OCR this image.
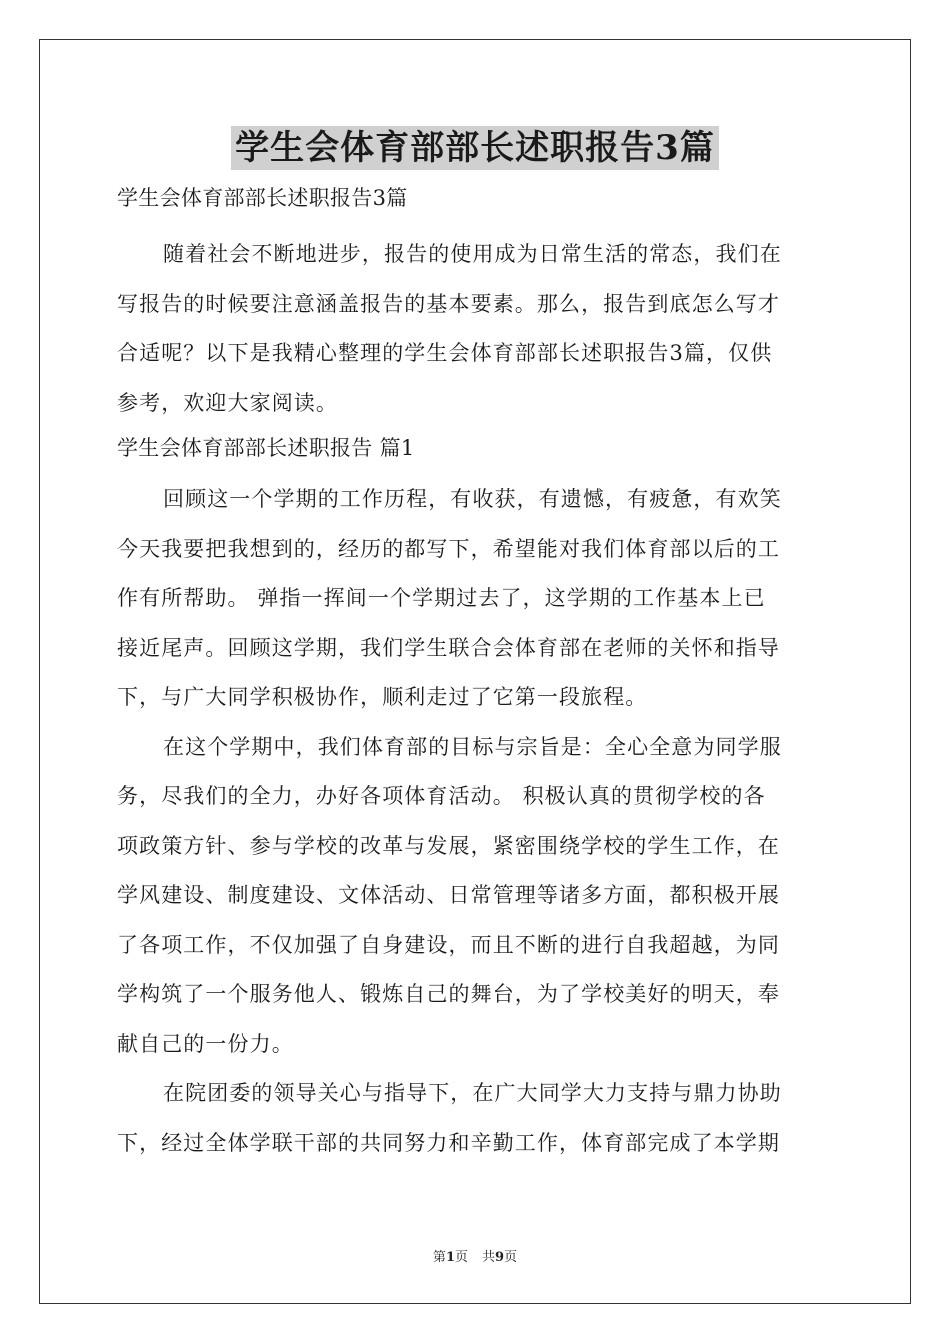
学生会体育部部长述职报告3篇

学生会体育部部长述职报告3篇

随着社会不断地进步，报告的使用成为日常生活的常态，我们在
写报告的时候要注意涵盖报告的基本要素。那么，报告到底怎么写才
合适呢？以下是我精心整理的学生会体育部部长述职报告3篇，仅供
参考，欢迎大家阅读。

学生会体育部部长述职报告 篇1

回顾这一个学期的工作历程，有收获，有遗憾，有疲惫，有欢笑
今天我要把我想到的，经历的都写下，希望能对我们体育部以后的工
作有所帮助。 弹指一挥间一个学期过去了，这学期的工作基本上已
接近尾声。回顾这学期，我们学生联合会体育部在老师的关怀和指导
下，与广大同学积极协作，顺利走过了它第一段旅程。
在这个学期中，我们体育部的目标与宗旨是：全心全意为同学服
务，尽我们的全力，办好各项体育活动。 积极认真的贯彻学校的各
项政策方针、参与学校的改革与发展，紧密围绕学校的学生工作，在
学风建设、制度建设、文体活动、日常管理等诸多方面，都积极开展
了各项工作，不仅加强了自身建设，而且不断的进行自我超越，为同
学构筑了一个服务他人、锻炼自己的舞台，为了学校美好的明天，奉
献自己的一份力。
在院团委的领导关心与指导下，在广大同学大力支持与鼎力协助
下，经过全体学联干部的共同努力和辛勤工作，体育部完成了本学期
第1页 共9页
